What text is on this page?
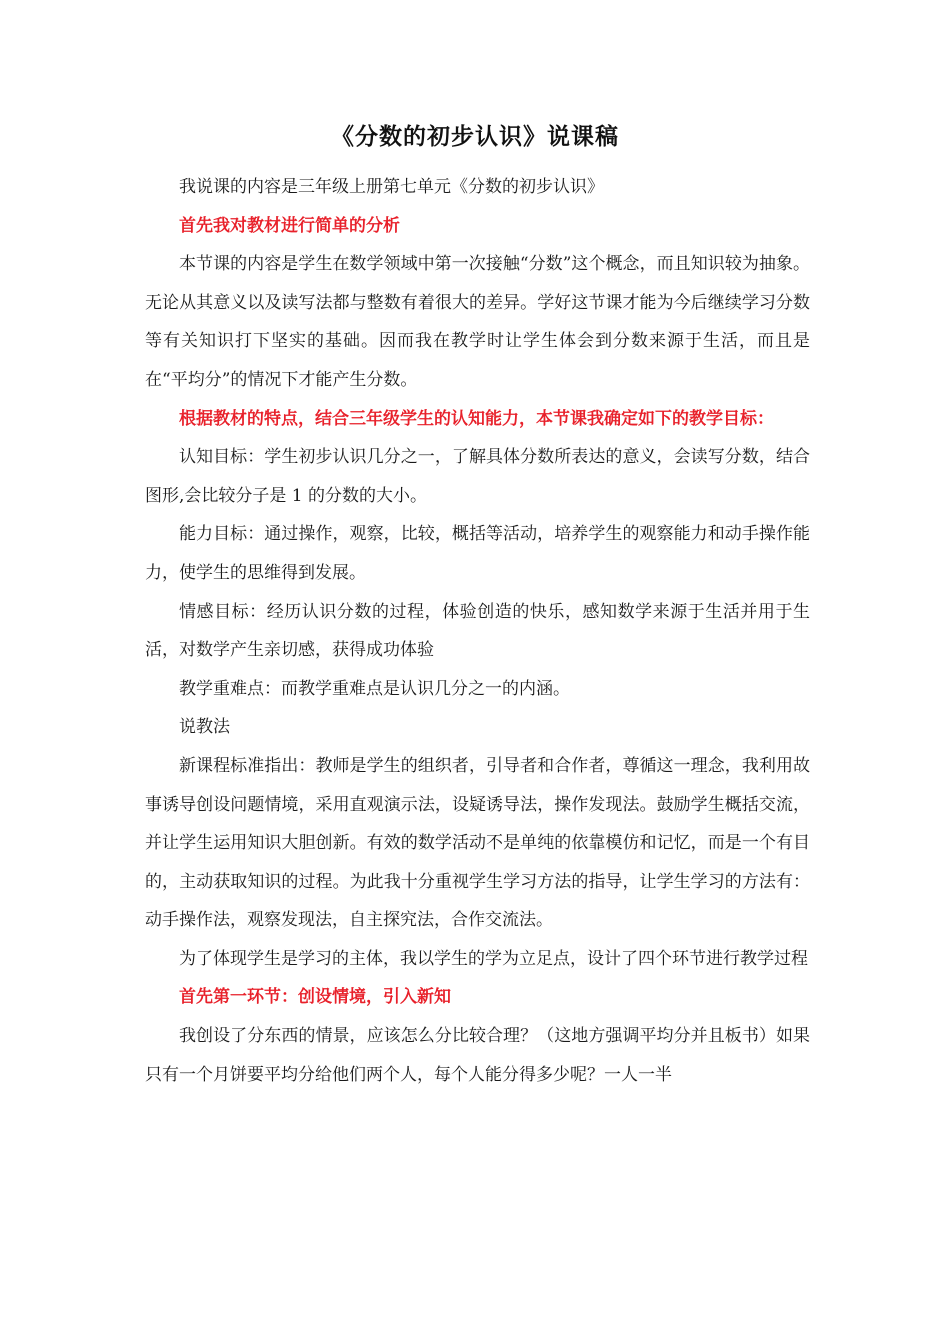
《分数的初步认识》说课稿

我说课的内容是三年级上册第七单元《分数的初步认识》

首先我对教材进行简单的分析

本节课的内容是学生在数学领域中第一次接触“分数”这个概念，而且知识较为抽象。无论从其意义以及读写法都与整数有着很大的差异。学好这节课才能为今后继续学习分数等有关知识打下坚实的基础。因而我在教学时让学生体会到分数来源于生活，而且是在“平均分”的情况下才能产生分数。

根据教材的特点，结合三年级学生的认知能力，本节课我确定如下的教学目标：

认知目标：学生初步认识几分之一，了解具体分数所表达的意义，会读写分数，结合图形,会比较分子是 1 的分数的大小。

能力目标：通过操作，观察，比较，概括等活动，培养学生的观察能力和动手操作能力，使学生的思维得到发展。

情感目标：经历认识分数的过程，体验创造的快乐，感知数学来源于生活并用于生活，对数学产生亲切感，获得成功体验

教学重难点：而教学重难点是认识几分之一的内涵。

说教法

新课程标准指出：教师是学生的组织者，引导者和合作者，尊循这一理念，我利用故事诱导创设问题情境，采用直观演示法，设疑诱导法，操作发现法。鼓励学生概括交流，并让学生运用知识大胆创新。有效的数学活动不是单纯的依靠模仿和记忆，而是一个有目的，主动获取知识的过程。为此我十分重视学生学习方法的指导，让学生学习的方法有：动手操作法，观察发现法，自主探究法，合作交流法。

为了体现学生是学习的主体，我以学生的学为立足点，设计了四个环节进行教学过程

首先第一环节：创设情境，引入新知

我创设了分东西的情景，应该怎么分比较合理？（这地方强调平均分并且板书）如果只有一个月饼要平均分给他们两个人，每个人能分得多少呢？一人一半
